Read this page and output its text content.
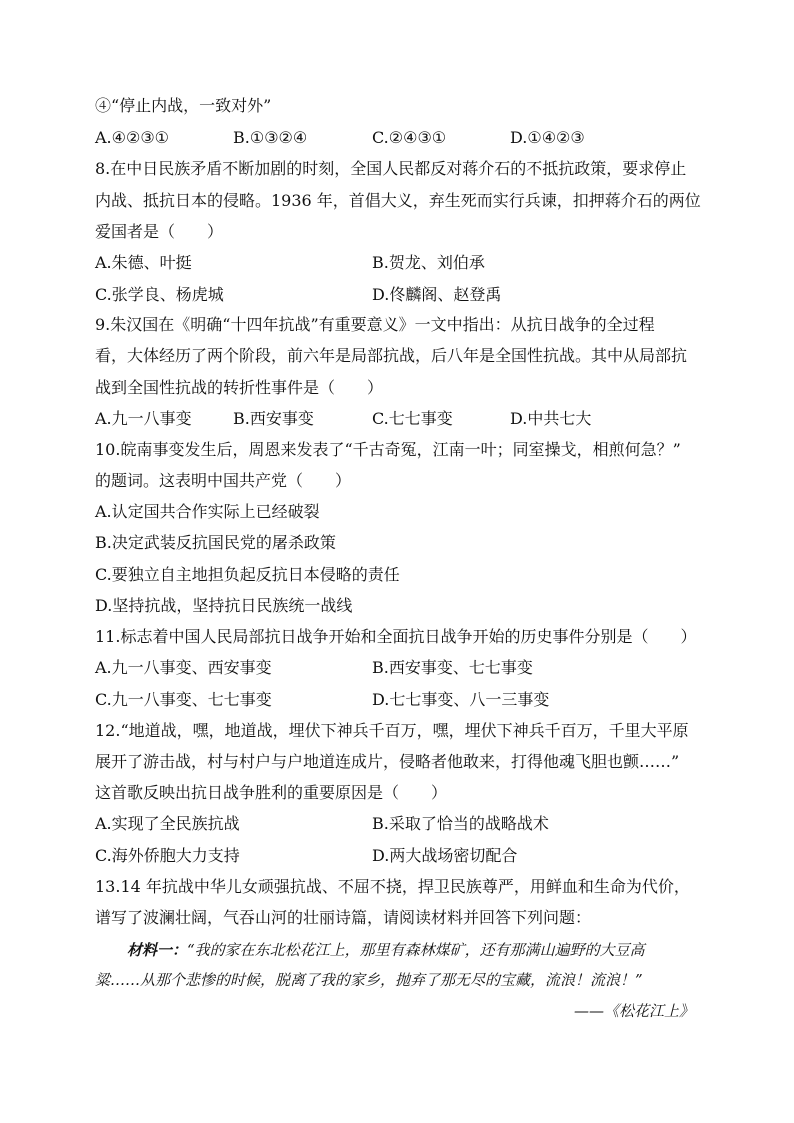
④“停止内战，一致对外”
A.④②③①	B.①③②④	C.②④③①	D.①④②③
8.在中日民族矛盾不断加剧的时刻，全国人民都反对蒋介石的不抵抗政策，要求停止
内战、抵抗日本的侵略。1936 年，首倡大义，弃生死而实行兵谏，扣押蒋介石的两位
爱国者是（　　）
A.朱德、叶挺	B.贺龙、刘伯承
C.张学良、杨虎城	D.佟麟阁、赵登禹
9.朱汉国在《明确“十四年抗战”有重要意义》一文中指出：从抗日战争的全过程
看，大体经历了两个阶段，前六年是局部抗战，后八年是全国性抗战。其中从局部抗
战到全国性抗战的转折性事件是（　　）
A.九一八事变	B.西安事变	C.七七事变	D.中共七大
10.皖南事变发生后，周恩来发表了“千古奇冤，江南一叶；同室操戈，相煎何急？”
的题词。这表明中国共产党（　　）
A.认定国共合作实际上已经破裂
B.决定武装反抗国民党的屠杀政策
C.要独立自主地担负起反抗日本侵略的责任
D.坚持抗战，坚持抗日民族统一战线
11.标志着中国人民局部抗日战争开始和全面抗日战争开始的历史事件分别是（　　）
A.九一八事变、西安事变	B.西安事变、七七事变
C.九一八事变、七七事变	D.七七事变、八一三事变
12.“地道战，嘿，地道战，埋伏下神兵千百万，嘿，埋伏下神兵千百万，千里大平原
展开了游击战，村与村户与户地道连成片，侵略者他敢来，打得他魂飞胆也颤……”
这首歌反映出抗日战争胜利的重要原因是（　　）
A.实现了全民族抗战	B.采取了恰当的战略战术
C.海外侨胞大力支持	D.两大战场密切配合
13.14 年抗战中华儿女顽强抗战、不屈不挠，捍卫民族尊严，用鲜血和生命为代价，
谱写了波澜壮阔，气吞山河的壮丽诗篇，请阅读材料并回答下列问题：
材料一：“我的家在东北松花江上，那里有森林煤矿，还有那满山遍野的大豆高
粱……从那个悲惨的时候，脱离了我的家乡，抛弃了那无尽的宝藏，流浪！流浪！”
——《松花江上》
